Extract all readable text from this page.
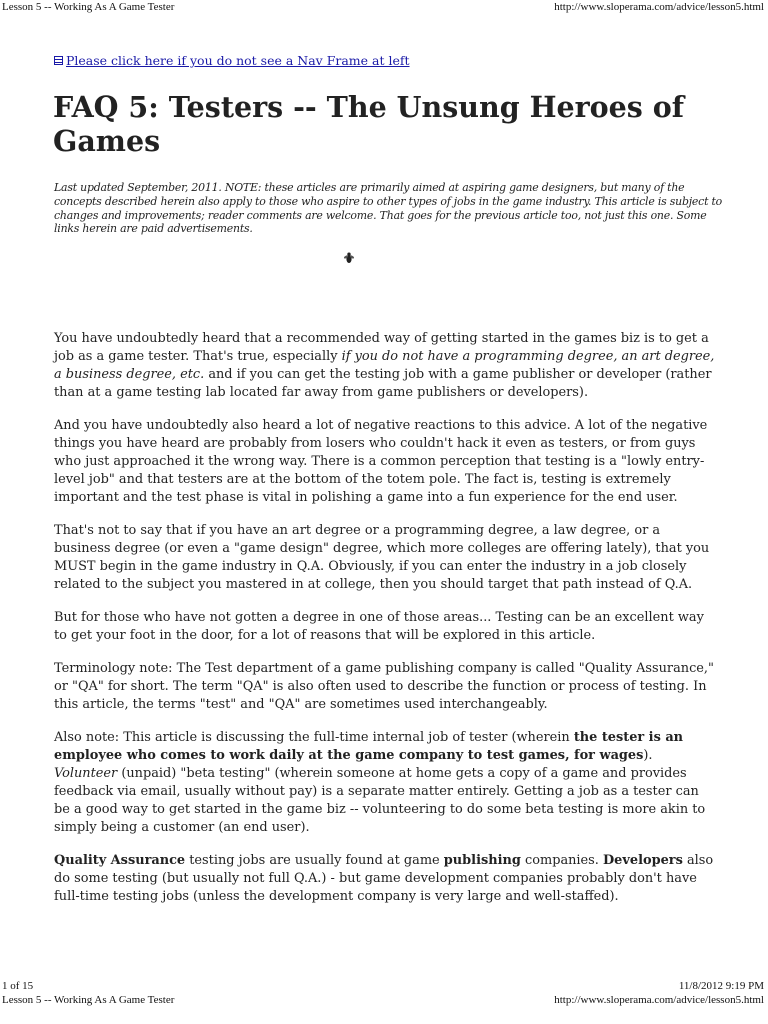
Lesson 5 -- Working As A Game Tester	http://www.sloperama.com/advice/lesson5.html
Please click here if you do not see a Nav Frame at left
FAQ 5: Testers -- The Unsung Heroes of Games

Last updated September, 2011. NOTE: these articles are primarily aimed at aspiring game designers, but many of the concepts described herein also apply to those who aspire to other types of jobs in the game industry. This article is subject to changes and improvements; reader comments are welcome. That goes for the previous article too, not just this one. Some links herein are paid advertisements.

You have undoubtedly heard that a recommended way of getting started in the games biz is to get a job as a game tester. That's true, especially if you do not have a programming degree, an art degree, a business degree, etc. and if you can get the testing job with a game publisher or developer (rather than at a game testing lab located far away from game publishers or developers).

And you have undoubtedly also heard a lot of negative reactions to this advice. A lot of the negative things you have heard are probably from losers who couldn't hack it even as testers, or from guys who just approached it the wrong way. There is a common perception that testing is a "lowly entry-level job" and that testers are at the bottom of the totem pole. The fact is, testing is extremely important and the test phase is vital in polishing a game into a fun experience for the end user.

That's not to say that if you have an art degree or a programming degree, a law degree, or a business degree (or even a "game design" degree, which more colleges are offering lately), that you MUST begin in the game industry in Q.A. Obviously, if you can enter the industry in a job closely related to the subject you mastered in at college, then you should target that path instead of Q.A.

But for those who have not gotten a degree in one of those areas... Testing can be an excellent way to get your foot in the door, for a lot of reasons that will be explored in this article.

Terminology note: The Test department of a game publishing company is called "Quality Assurance," or "QA" for short. The term "QA" is also often used to describe the function or process of testing. In this article, the terms "test" and "QA" are sometimes used interchangeably.

Also note: This article is discussing the full-time internal job of tester (wherein the tester is an employee who comes to work daily at the game company to test games, for wages). Volunteer (unpaid) "beta testing" (wherein someone at home gets a copy of a game and provides feedback via email, usually without pay) is a separate matter entirely. Getting a job as a tester can be a good way to get started in the game biz -- volunteering to do some beta testing is more akin to simply being a customer (an end user).

Quality Assurance testing jobs are usually found at game publishing companies. Developers also do some testing (but usually not full Q.A.) - but game development companies probably don't have full-time testing jobs (unless the development company is very large and well-staffed).

1 of 15	11/8/2012 9:19 PM
Lesson 5 -- Working As A Game Tester	http://www.sloperama.com/advice/lesson5.html
